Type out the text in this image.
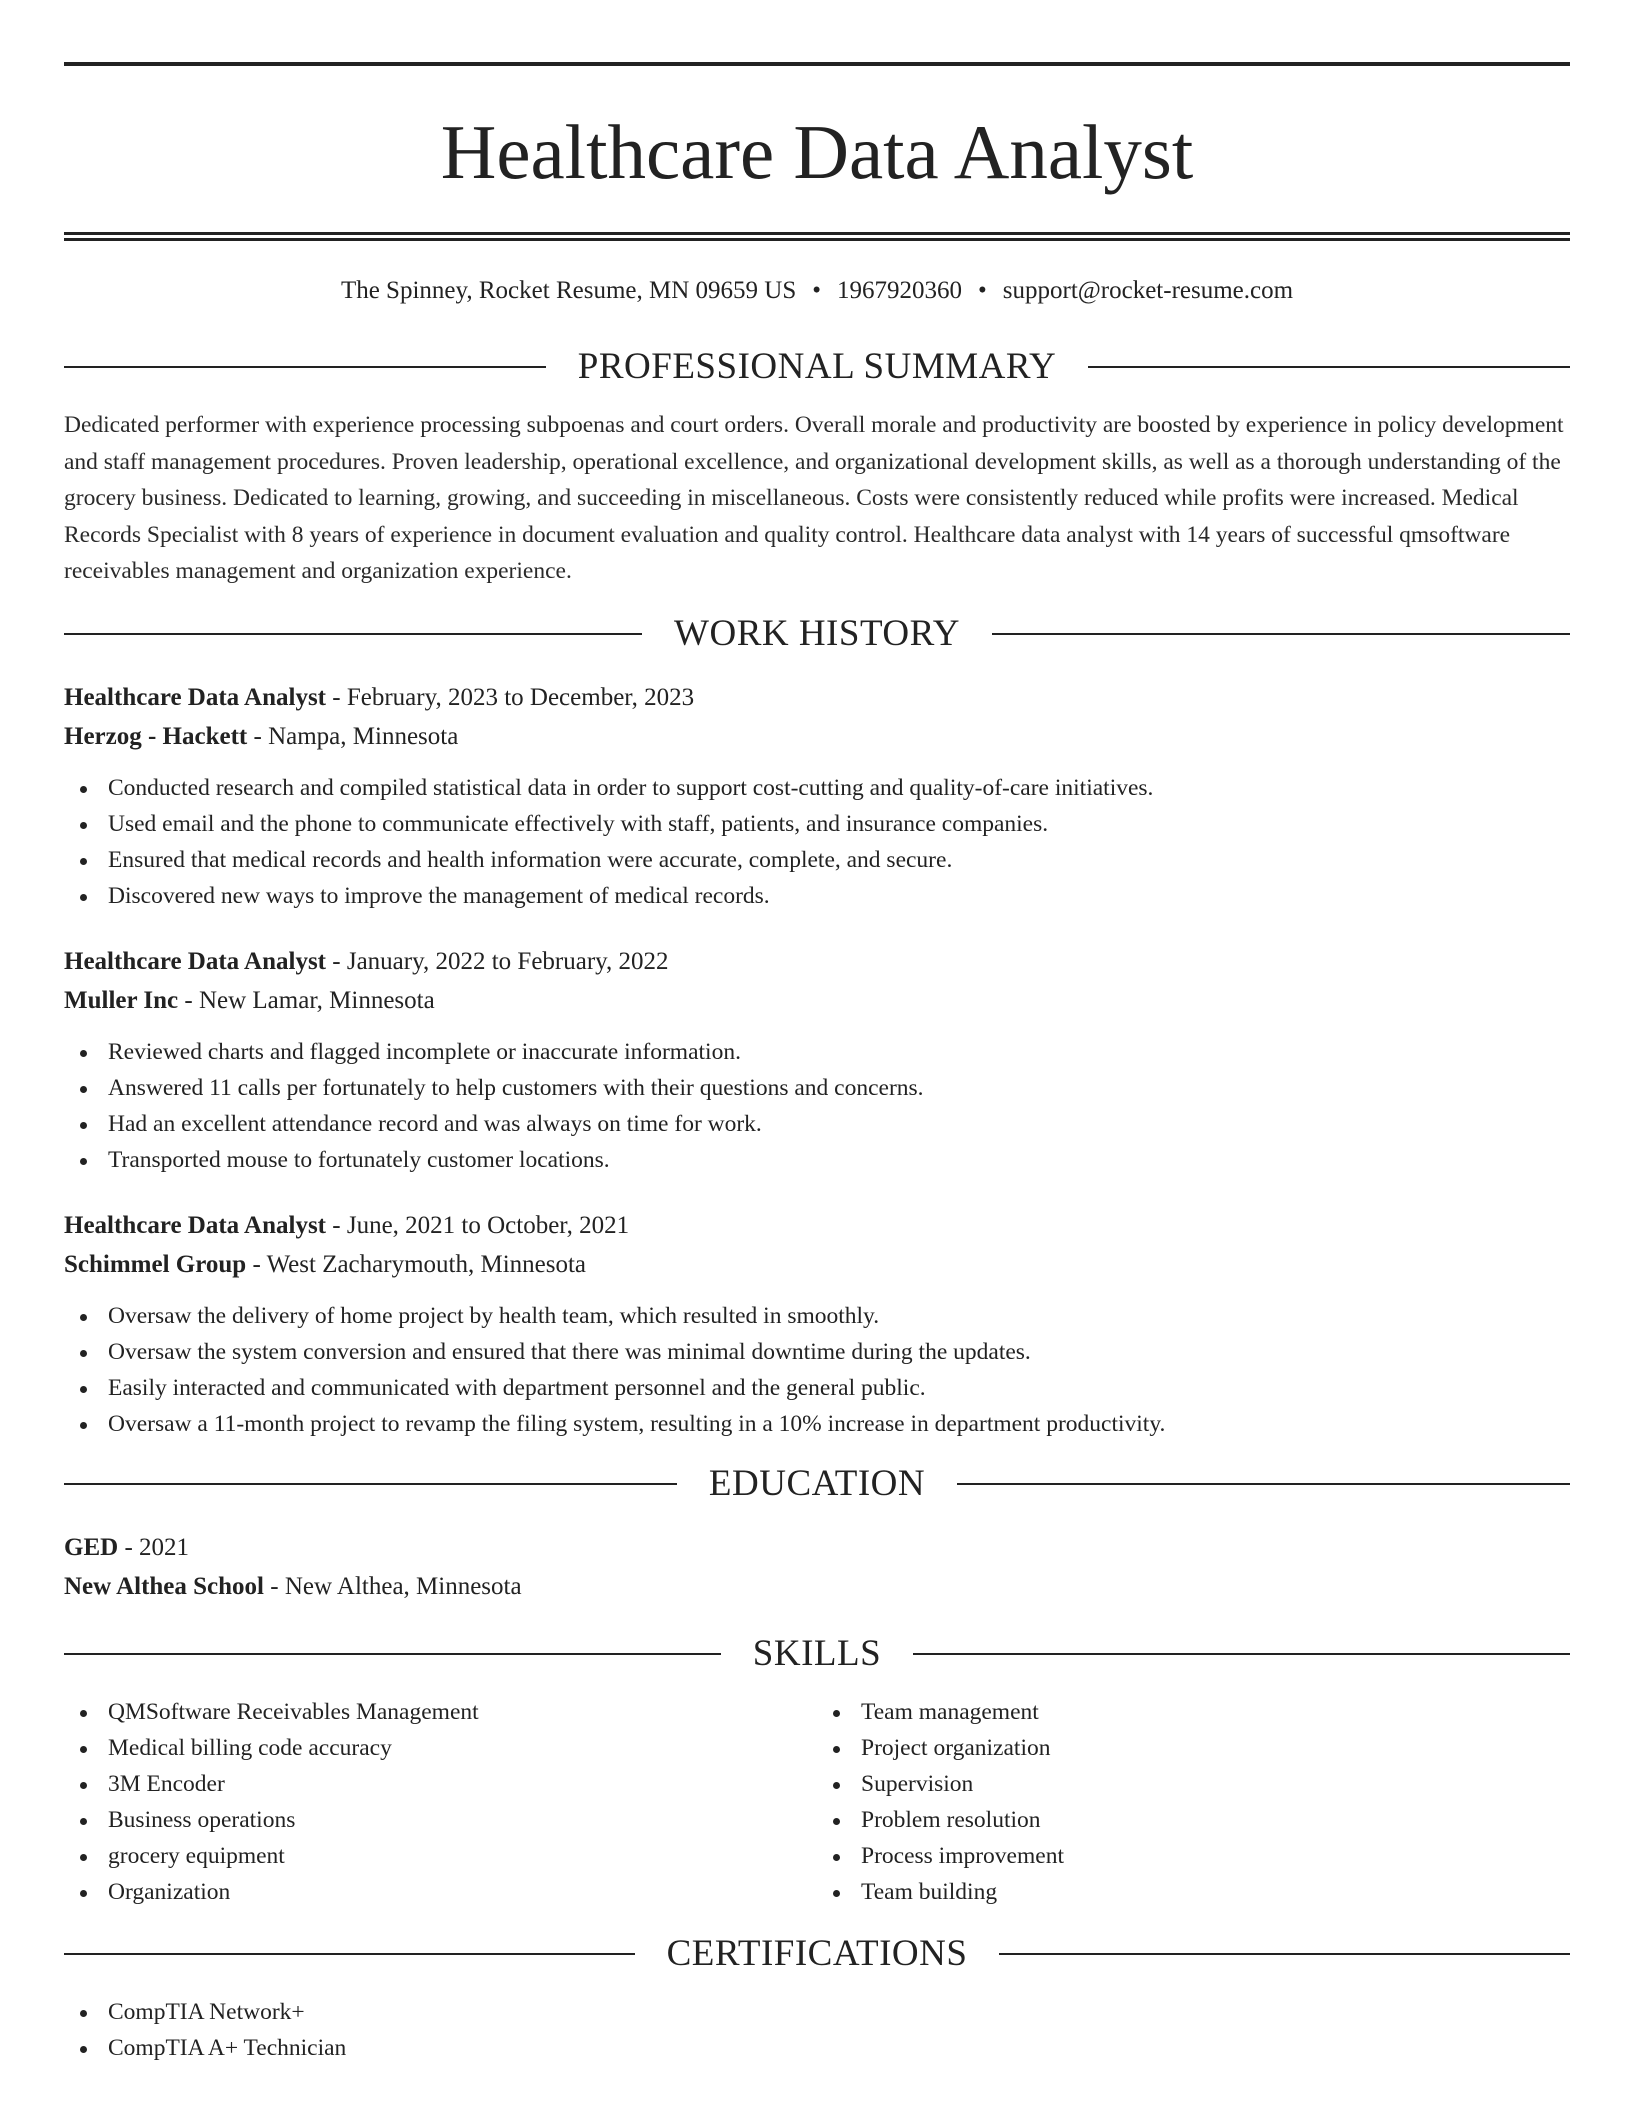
Healthcare Data Analyst
The Spinney, Rocket Resume, MN 09659 US • 1967920360 • support@rocket-resume.com
PROFESSIONAL SUMMARY

Dedicated performer with experience processing subpoenas and court orders. Overall morale and productivity are boosted by experience in policy development and staff management procedures. Proven leadership, operational excellence, and organizational development skills, as well as a thorough understanding of the grocery business. Dedicated to learning, growing, and succeeding in miscellaneous. Costs were consistently reduced while profits were increased. Medical Records Specialist with 8 years of experience in document evaluation and quality control. Healthcare data analyst with 14 years of successful qmsoftware receivables management and organization experience.

WORK HISTORY
Healthcare Data Analyst - February, 2023 to December, 2023
Herzog - Hackett - Nampa, Minnesota
Conducted research and compiled statistical data in order to support cost-cutting and quality-of-care initiatives.
Used email and the phone to communicate effectively with staff, patients, and insurance companies.
Ensured that medical records and health information were accurate, complete, and secure.
Discovered new ways to improve the management of medical records.
Healthcare Data Analyst - January, 2022 to February, 2022
Muller Inc - New Lamar, Minnesota
Reviewed charts and flagged incomplete or inaccurate information.
Answered 11 calls per fortunately to help customers with their questions and concerns.
Had an excellent attendance record and was always on time for work.
Transported mouse to fortunately customer locations.
Healthcare Data Analyst - June, 2021 to October, 2021
Schimmel Group - West Zacharymouth, Minnesota
Oversaw the delivery of home project by health team, which resulted in smoothly.
Oversaw the system conversion and ensured that there was minimal downtime during the updates.
Easily interacted and communicated with department personnel and the general public.
Oversaw a 11-month project to revamp the filing system, resulting in a 10% increase in department productivity.
EDUCATION
GED - 2021
New Althea School - New Althea, Minnesota
SKILLS
QMSoftware Receivables Management
Medical billing code accuracy
3M Encoder
Business operations
grocery equipment
Organization
Team management
Project organization
Supervision
Problem resolution
Process improvement
Team building
CERTIFICATIONS
CompTIA Network+
CompTIA A+ Technician
